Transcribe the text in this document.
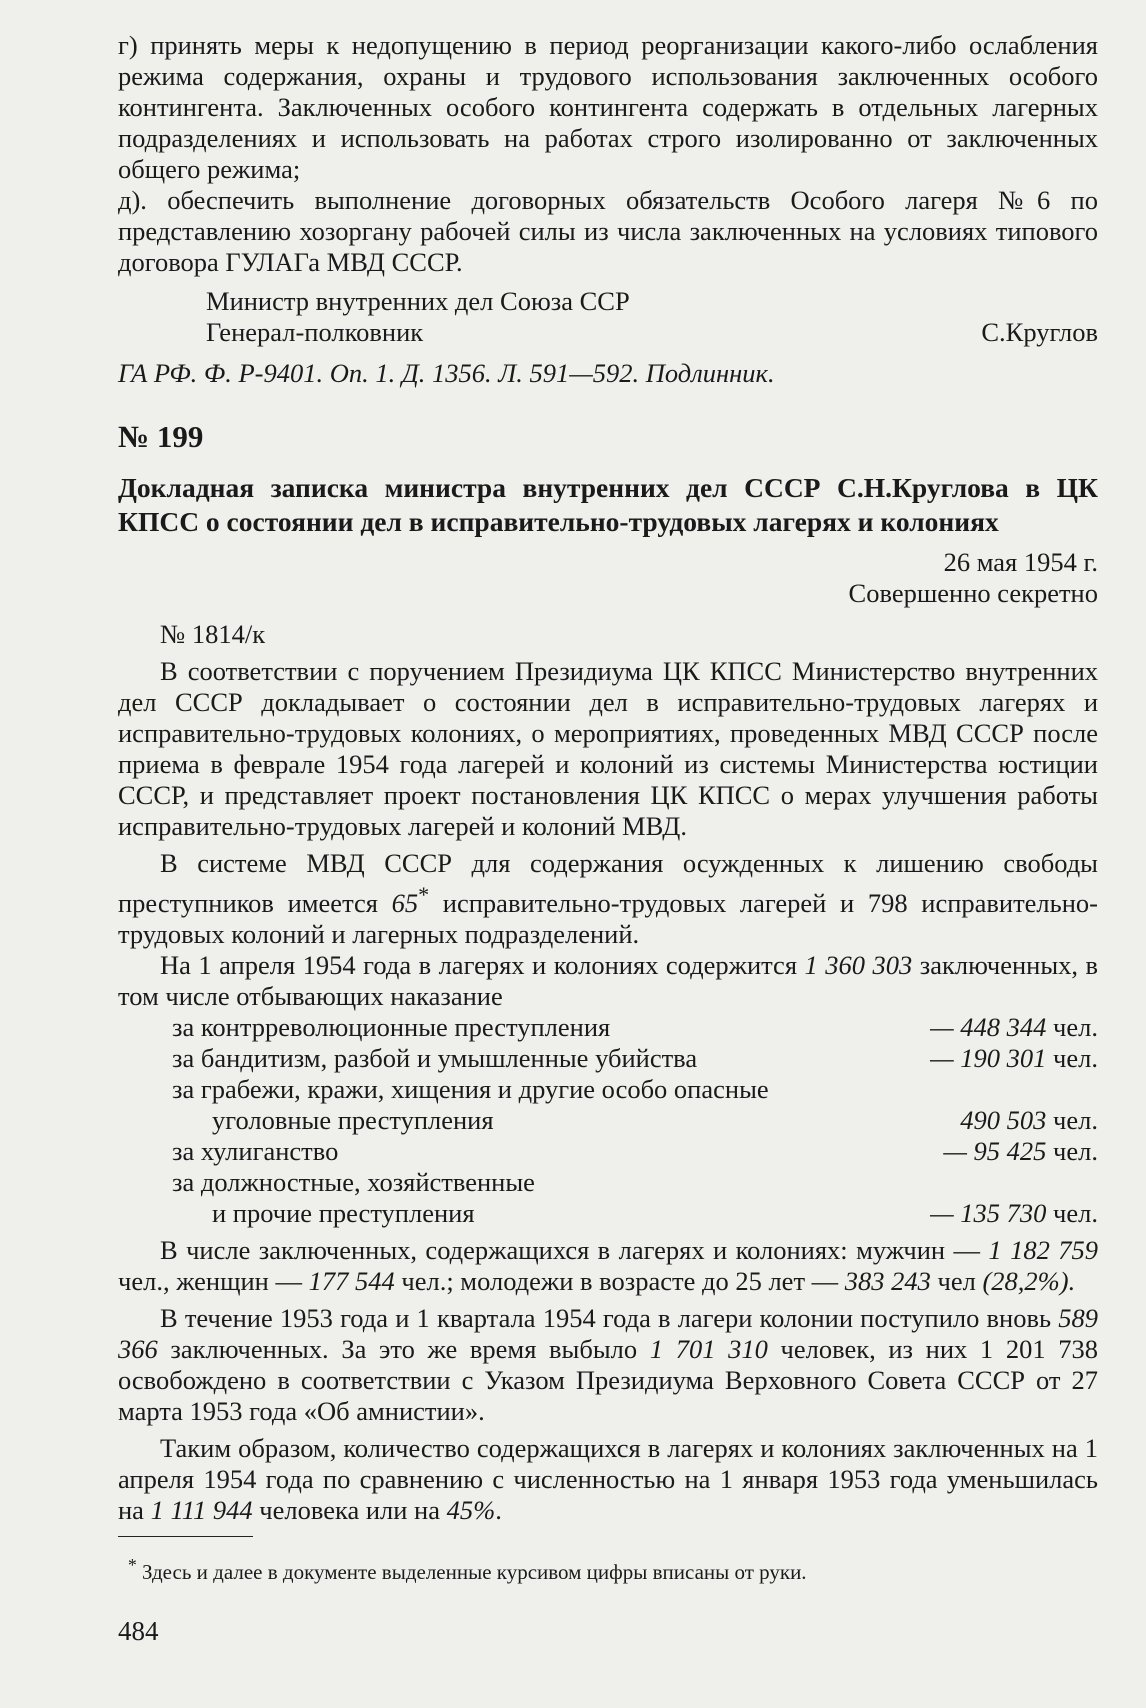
г) принять меры к недопущению в период реорганизации какого-либо ослабления режима содержания, охраны и трудового использования заключенных особого контингента. Заключенных особого контингента содержать в отдельных лагерных подразделениях и использовать на работах строго изолированно от заключенных общего режима;

д). обеспечить выполнение договорных обязательств Особого лагеря №6 по представлению хозоргану рабочей силы из числа заключенных на условиях типового договора ГУЛАГа МВД СССР.

Министр внутренних дел Союза ССР

Генерал-полковник	С.Круглов

ГА РФ. Ф. Р-9401. Оп. 1. Д. 1356. Л. 591—592. Подлинник.

№ 199

Докладная записка министра внутренних дел СССР С.Н.Круглова в ЦК КПСС о состоянии дел в исправительно-трудовых лагерях и колониях

26 мая 1954 г.

Совершенно секретно

№ 1814/к

В соответствии с поручением Президиума ЦК КПСС Министерство внутренних дел СССР докладывает о состоянии дел в исправительно-трудовых лагерях и исправительно-трудовых колониях, о мероприятиях, проведенных МВД СССР после приема в феврале 1954 года лагерей и колоний из системы Министерства юстиции СССР, и представляет проект постановления ЦК КПСС о мерах улучшения работы исправительно-трудовых лагерей и колоний МВД.

В системе МВД СССР для содержания осужденных к лишению свободы преступников имеется 65* исправительно-трудовых лагерей и 798 исправительно-трудовых колоний и лагерных подразделений.

На 1 апреля 1954 года в лагерях и колониях содержится 1 360 303 заключенных, в том числе отбывающих наказание

за контрреволюционные преступления	— 448 344 чел.
за бандитизм, разбой и умышленные убийства	— 190 301 чел.
за грабежи, кражи, хищения и другие особо опасные
уголовные преступления	490 503 чел.
за хулиганство	— 95 425 чел.
за должностные, хозяйственные
и прочие преступления	— 135 730 чел.

В числе заключенных, содержащихся в лагерях и колониях: мужчин — 1 182 759 чел., женщин — 177 544 чел.; молодежи в возрасте до 25 лет — 383 243 чел (28,2%).

В течение 1953 года и 1 квартала 1954 года в лагери колонии поступило вновь 589 366 заключенных. За это же время выбыло 1 701 310 человек, из них 1 201 738 освобождено в соответствии с Указом Президиума Верховного Совета СССР от 27 марта 1953 года «Об амнистии».

Таким образом, количество содержащихся в лагерях и колониях заключенных на 1 апреля 1954 года по сравнению с численностью на 1 января 1953 года уменьшилась на 1 111 944 человека или на 45%.

* Здесь и далее в документе выделенные курсивом цифры вписаны от руки.

484
